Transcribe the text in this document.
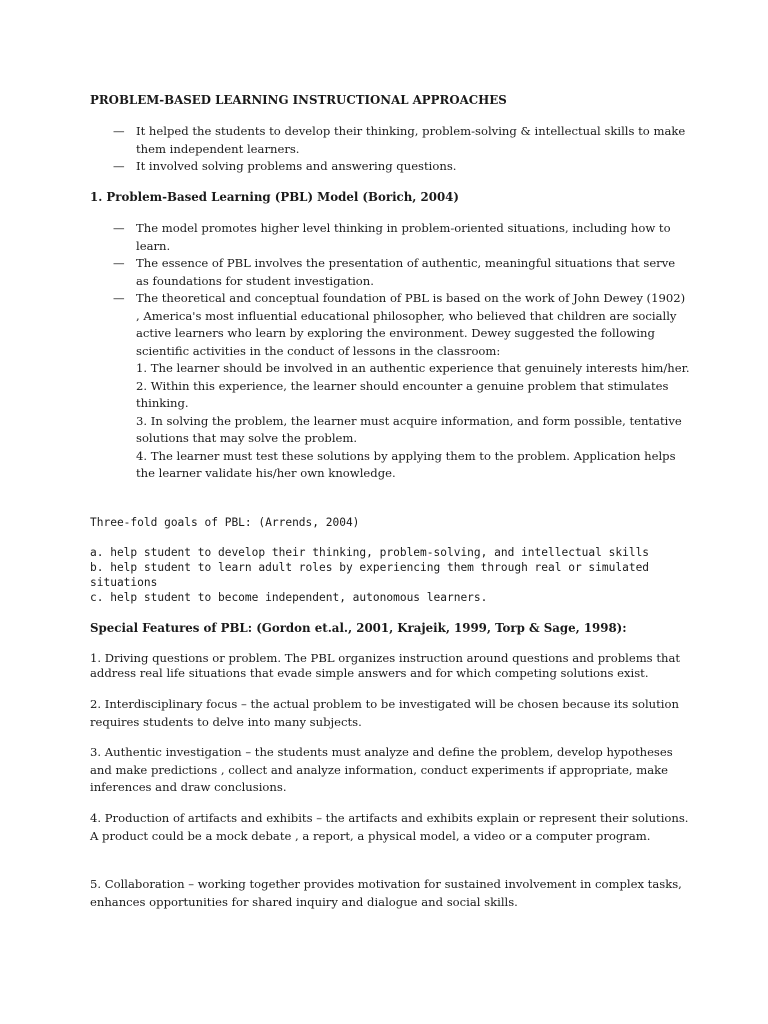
PROBLEM-BASED LEARNING INSTRUCTIONAL APPROACHES
— It helped the students to develop their thinking, problem-solving & intellectual skills to make them independent learners.
— It involved solving problems and answering questions.
1. Problem-Based Learning (PBL) Model (Borich, 2004)
— The model promotes higher level thinking in problem-oriented situations, including how to learn.
— The essence of PBL involves the presentation of authentic, meaningful situations that serve as foundations for student investigation.
— The theoretical and conceptual foundation of PBL is based on the work of John Dewey (1902) , America's most influential educational philosopher, who believed that children are socially active learners who learn by exploring the environment. Dewey suggested the following scientific activities in the conduct of lessons in the classroom:
1. The learner should be involved in an authentic experience that genuinely interests him/her.
2. Within this experience, the learner should encounter a genuine problem that stimulates thinking.
3. In solving the problem, the learner must acquire information, and form possible, tentative solutions that may solve the problem.
4. The learner must test these solutions by applying them to the problem. Application helps the learner validate his/her own knowledge.
Three-fold goals of PBL: (Arrends, 2004)
a. help student to develop their thinking, problem-solving, and intellectual skills
b. help student to learn adult roles by experiencing them through real or simulated situations
c. help student to become independent, autonomous learners.
Special Features of PBL: (Gordon et.al., 2001, Krajeik, 1999, Torp & Sage, 1998):
1. Driving questions or problem. The PBL organizes instruction around questions and problems that address real life situations that evade simple answers and for which competing solutions exist.
2. Interdisciplinary focus – the actual problem to be investigated will be chosen because its solution requires students to delve into many subjects.
3. Authentic investigation – the students must analyze and define the problem, develop hypotheses and make predictions , collect and analyze information, conduct experiments if appropriate, make inferences and draw conclusions.
4. Production of artifacts and exhibits – the artifacts and exhibits explain or represent their solutions. A product could be a mock debate , a report, a physical model, a video or a computer program.
5. Collaboration – working together provides motivation for sustained involvement in complex tasks, enhances opportunities for shared inquiry and dialogue and social skills.
